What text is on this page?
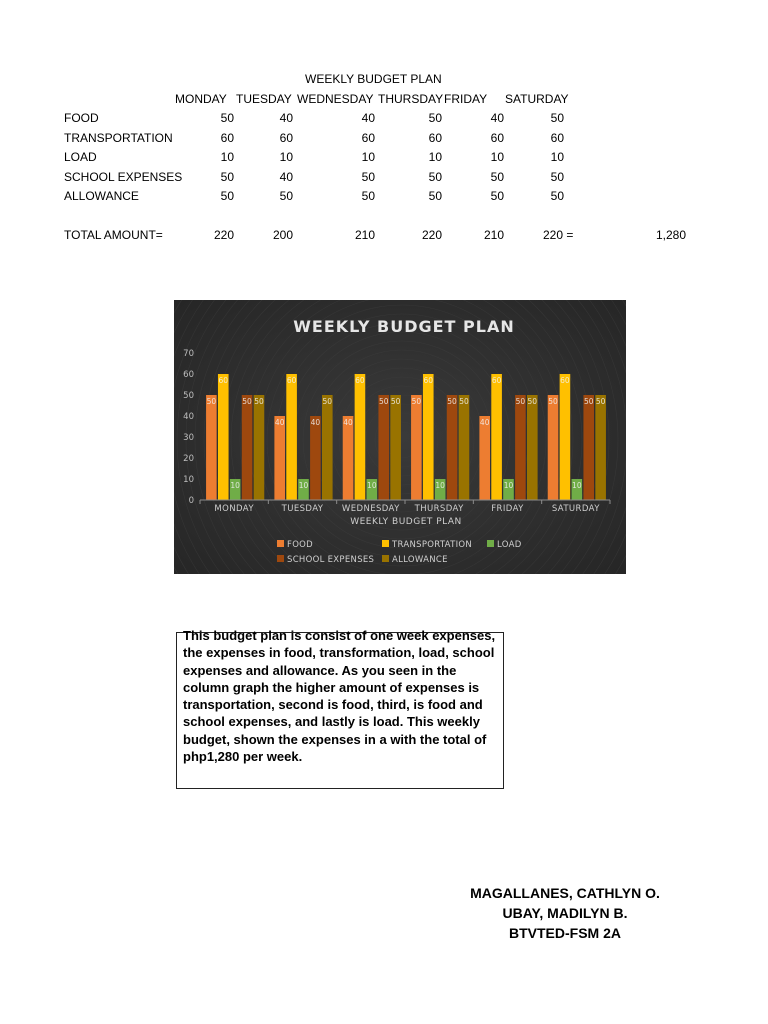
WEEKLY BUDGET PLAN
MONDAY TUESDAY WEDNESDAY THURSDAY FRIDAY SATURDAY
FOOD	50	40	40	50	40	50
TRANSPORTATION	60	60	60	60	60	60
LOAD	10	10	10	10	10	10
SCHOOL EXPENSES	50	40	50	50	50	50
ALLOWANCE	50	50	50	50	50	50
TOTAL AMOUNT=	220	200	210	220	210	220 =	1,280
WEEKLY BUDGET PLAN
0
10
20
30
40
50
60
70
50
60
10
50 50
40
60
10
40
50
40
60
10
50 50 50
60
10
50 50
40
60
10
50 50 50
60
10
50 50
MONDAY	TUESDAY WEDNESDAY THURSDAY	FRIDAY	SATURDAY
WEEKLY BUDGET PLAN
FOOD	TRANSPORTATION	LOAD
SCHOOL EXPENSES ALLOWANCE

This budget plan is consist of one week expenses, the expenses in food, transformation, load, school expenses and allowance. As you seen in the column graph the higher amount of expenses is transportation, second is food, third, is food and school expenses, and lastly is load. This weekly budget, shown the expenses in a with the total of php1,280 per week.

MAGALLANES, CATHLYN O.
UBAY, MADILYN B.
BTVTED-FSM 2A
